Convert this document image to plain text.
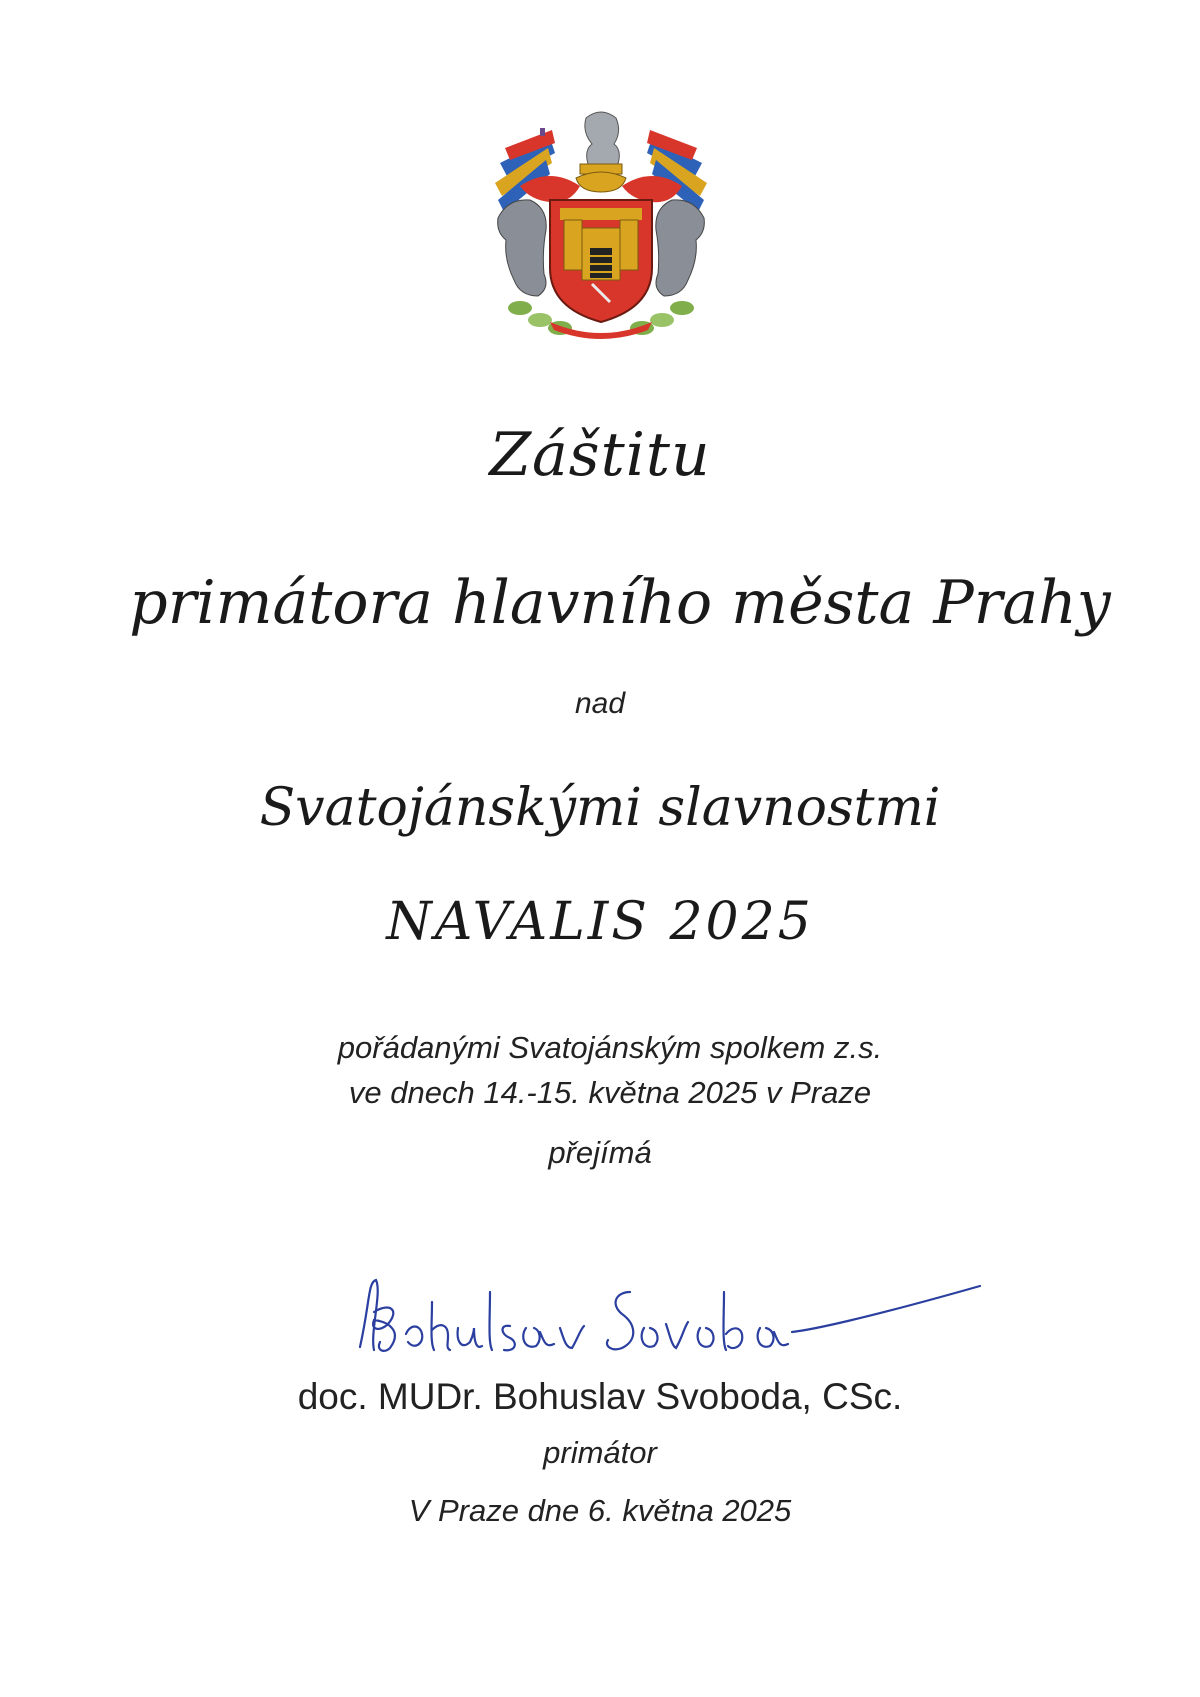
Záštitu
primátora hlavního města Prahy
nad
Svatojánskými slavnostmi
NAVALIS 2025
pořádanými Svatojánským spolkem z.s.
ve dnech 14.-15. května 2025 v Praze
přejímá
doc. MUDr. Bohuslav Svoboda, CSc.
primátor
V Praze dne 6. května 2025
